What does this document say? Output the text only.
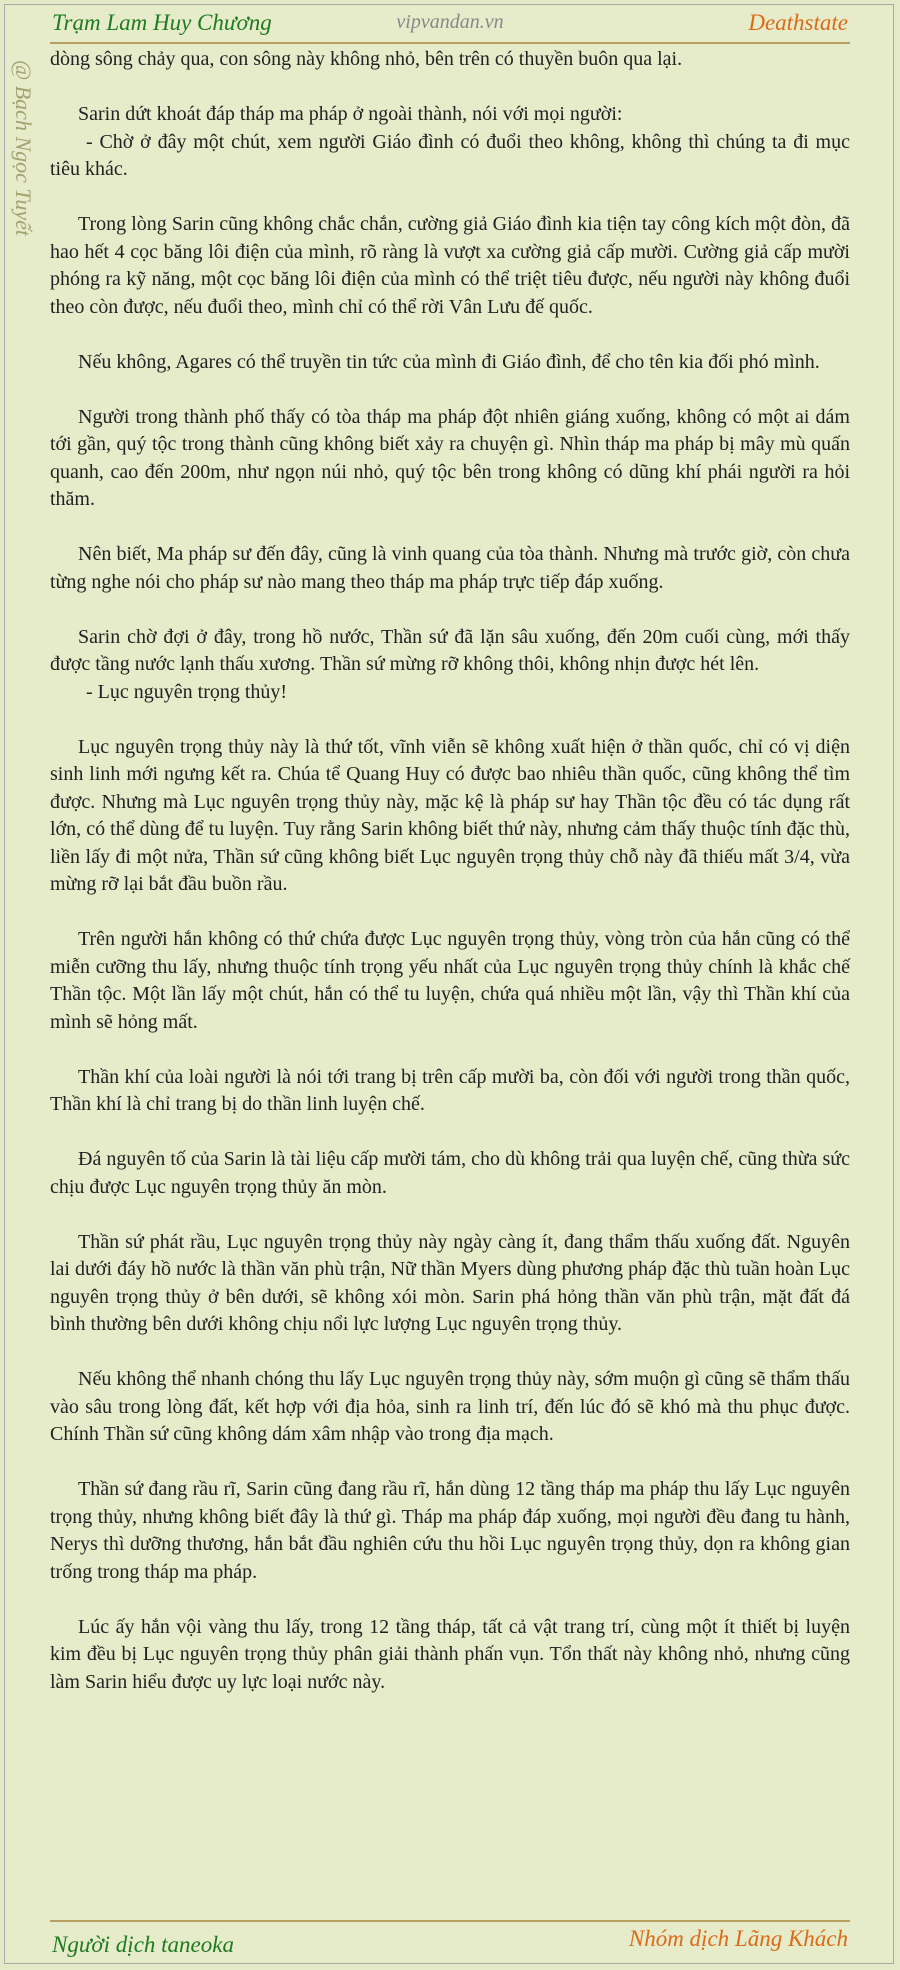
Trạm Lam Huy Chương	vipvandan.vn	Deathstate
@ Bạch Ngọc Tuyết

dòng sông chảy qua, con sông này không nhỏ, bên trên có thuyền buôn qua lại.

Sarin dứt khoát đáp tháp ma pháp ở ngoài thành, nói với mọi người:

- Chờ ở đây một chút, xem người Giáo đình có đuổi theo không, không thì chúng ta đi mục tiêu khác.

Trong lòng Sarin cũng không chắc chắn, cường giả Giáo đình kia tiện tay công kích một đòn, đã hao hết 4 cọc băng lôi điện của mình, rõ ràng là vượt xa cường giả cấp mười. Cường giả cấp mười phóng ra kỹ năng, một cọc băng lôi điện của mình có thể triệt tiêu được, nếu người này không đuổi theo còn được, nếu đuổi theo, mình chỉ có thể rời Vân Lưu đế quốc.

Nếu không, Agares có thể truyền tin tức của mình đi Giáo đình, để cho tên kia đối phó mình.

Người trong thành phố thấy có tòa tháp ma pháp đột nhiên giáng xuống, không có một ai dám tới gần, quý tộc trong thành cũng không biết xảy ra chuyện gì. Nhìn tháp ma pháp bị mây mù quấn quanh, cao đến 200m, như ngọn núi nhỏ, quý tộc bên trong không có dũng khí phái người ra hỏi thăm.

Nên biết, Ma pháp sư đến đây, cũng là vinh quang của tòa thành. Nhưng mà trước giờ, còn chưa từng nghe nói cho pháp sư nào mang theo tháp ma pháp trực tiếp đáp xuống.

Sarin chờ đợi ở đây, trong hồ nước, Thần sứ đã lặn sâu xuống, đến 20m cuối cùng, mới thấy được tầng nước lạnh thấu xương. Thần sứ mừng rỡ không thôi, không nhịn được hét lên.

- Lục nguyên trọng thủy!

Lục nguyên trọng thủy này là thứ tốt, vĩnh viễn sẽ không xuất hiện ở thần quốc, chỉ có vị diện sinh linh mới ngưng kết ra. Chúa tể Quang Huy có được bao nhiêu thần quốc, cũng không thể tìm được. Nhưng mà Lục nguyên trọng thủy này, mặc kệ là pháp sư hay Thần tộc đều có tác dụng rất lớn, có thể dùng để tu luyện. Tuy rằng Sarin không biết thứ này, nhưng cảm thấy thuộc tính đặc thù, liền lấy đi một nửa, Thần sứ cũng không biết Lục nguyên trọng thủy chỗ này đã thiếu mất 3/4, vừa mừng rỡ lại bắt đầu buồn rầu.

Trên người hắn không có thứ chứa được Lục nguyên trọng thủy, vòng tròn của hắn cũng có thể miễn cưỡng thu lấy, nhưng thuộc tính trọng yếu nhất của Lục nguyên trọng thủy chính là khắc chế Thần tộc. Một lần lấy một chút, hắn có thể tu luyện, chứa quá nhiều một lần, vậy thì Thần khí của mình sẽ hỏng mất.

Thần khí của loài người là nói tới trang bị trên cấp mười ba, còn đối với người trong thần quốc, Thần khí là chỉ trang bị do thần linh luyện chế.

Đá nguyên tố của Sarin là tài liệu cấp mười tám, cho dù không trải qua luyện chế, cũng thừa sức chịu được Lục nguyên trọng thủy ăn mòn.

Thần sứ phát rầu, Lục nguyên trọng thủy này ngày càng ít, đang thẩm thấu xuống đất. Nguyên lai dưới đáy hồ nước là thần văn phù trận, Nữ thần Myers dùng phương pháp đặc thù tuần hoàn Lục nguyên trọng thủy ở bên dưới, sẽ không xói mòn. Sarin phá hỏng thần văn phù trận, mặt đất đá bình thường bên dưới không chịu nổi lực lượng Lục nguyên trọng thủy.

Nếu không thể nhanh chóng thu lấy Lục nguyên trọng thủy này, sớm muộn gì cũng sẽ thẩm thấu vào sâu trong lòng đất, kết hợp với địa hỏa, sinh ra linh trí, đến lúc đó sẽ khó mà thu phục được. Chính Thần sứ cũng không dám xâm nhập vào trong địa mạch.

Thần sứ đang rầu rĩ, Sarin cũng đang rầu rĩ, hắn dùng 12 tầng tháp ma pháp thu lấy Lục nguyên trọng thủy, nhưng không biết đây là thứ gì. Tháp ma pháp đáp xuống, mọi người đều đang tu hành, Nerys thì dưỡng thương, hắn bắt đầu nghiên cứu thu hồi Lục nguyên trọng thủy, dọn ra không gian trống trong tháp ma pháp.

Lúc ấy hắn vội vàng thu lấy, trong 12 tầng tháp, tất cả vật trang trí, cùng một ít thiết bị luyện kim đều bị Lục nguyên trọng thủy phân giải thành phấn vụn. Tổn thất này không nhỏ, nhưng cũng làm Sarin hiểu được uy lực loại nước này.

Người dịch taneoka	Nhóm dịch Lãng Khách
